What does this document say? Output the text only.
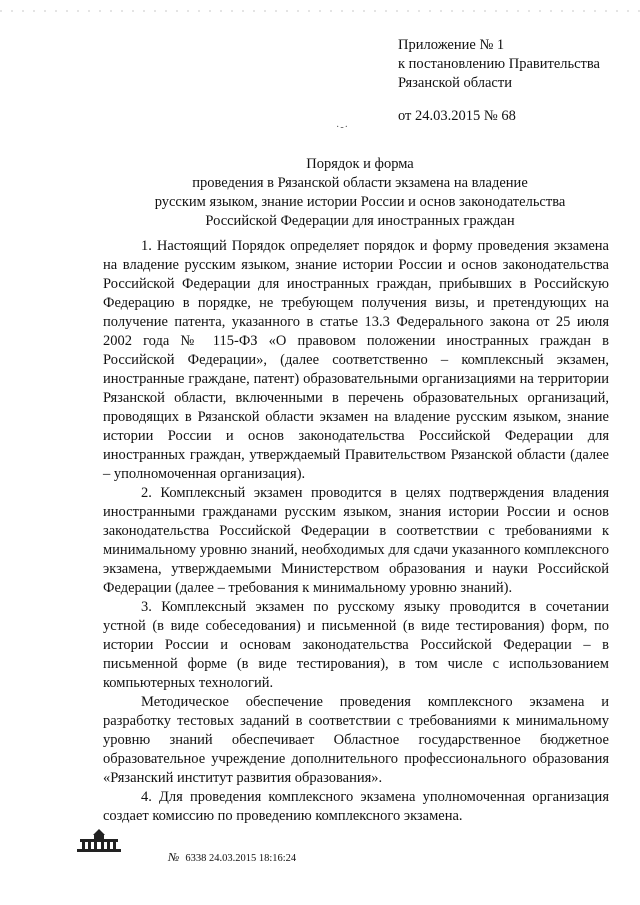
Приложение № 1
к постановлению Правительства
Рязанской области
от 24.03.2015 № 68
·-·
Порядок и форма
проведения в Рязанской области экзамена на владение
русским языком, знание истории России и основ законодательства
Российской Федерации для иностранных граждан

1. Настоящий Порядок определяет порядок и форму проведения экзамена на владение русским языком, знание истории России и основ законодательства Российской Федерации для иностранных граждан, прибывших в Российскую Федерацию в порядке, не требующем получения визы, и претендующих на получение патента, указанного в статье 13.3 Федерального закона от 25 июля 2002 года № 115-ФЗ «О правовом положении иностранных граждан в Российской Федерации», (далее соответственно – комплексный экзамен, иностранные граждане, патент) образовательными организациями на территории Рязанской области, включенными в перечень образовательных организаций, проводящих в Рязанской области экзамен на владение русским языком, знание истории России и основ законодательства Российской Федерации для иностранных граждан, утверждаемый Правительством Рязанской области (далее – уполномоченная организация).

2. Комплексный экзамен проводится в целях подтверждения владения иностранными гражданами русским языком, знания истории России и основ законодательства Российской Федерации в соответствии с требованиями к минимальному уровню знаний, необходимых для сдачи указанного комплексного экзамена, утверждаемыми Министерством образования и науки Российской Федерации (далее – требования к минимальному уровню знаний).

3. Комплексный экзамен по русскому языку проводится в сочетании устной (в виде собеседования) и письменной (в виде тестирования) форм, по истории России и основам законодательства Российской Федерации – в письменной форме (в виде тестирования), в том числе с использованием компьютерных технологий.

Методическое обеспечение проведения комплексного экзамена и разработку тестовых заданий в соответствии с требованиями к минимальному уровню знаний обеспечивает Областное государственное бюджетное образовательное учреждение дополнительного профессионального образования «Рязанский институт развития образования».

4. Для проведения комплексного экзамена уполномоченная организация создает комиссию по проведению комплексного экзамена.

№ 6338 24.03.2015 18:16:24
